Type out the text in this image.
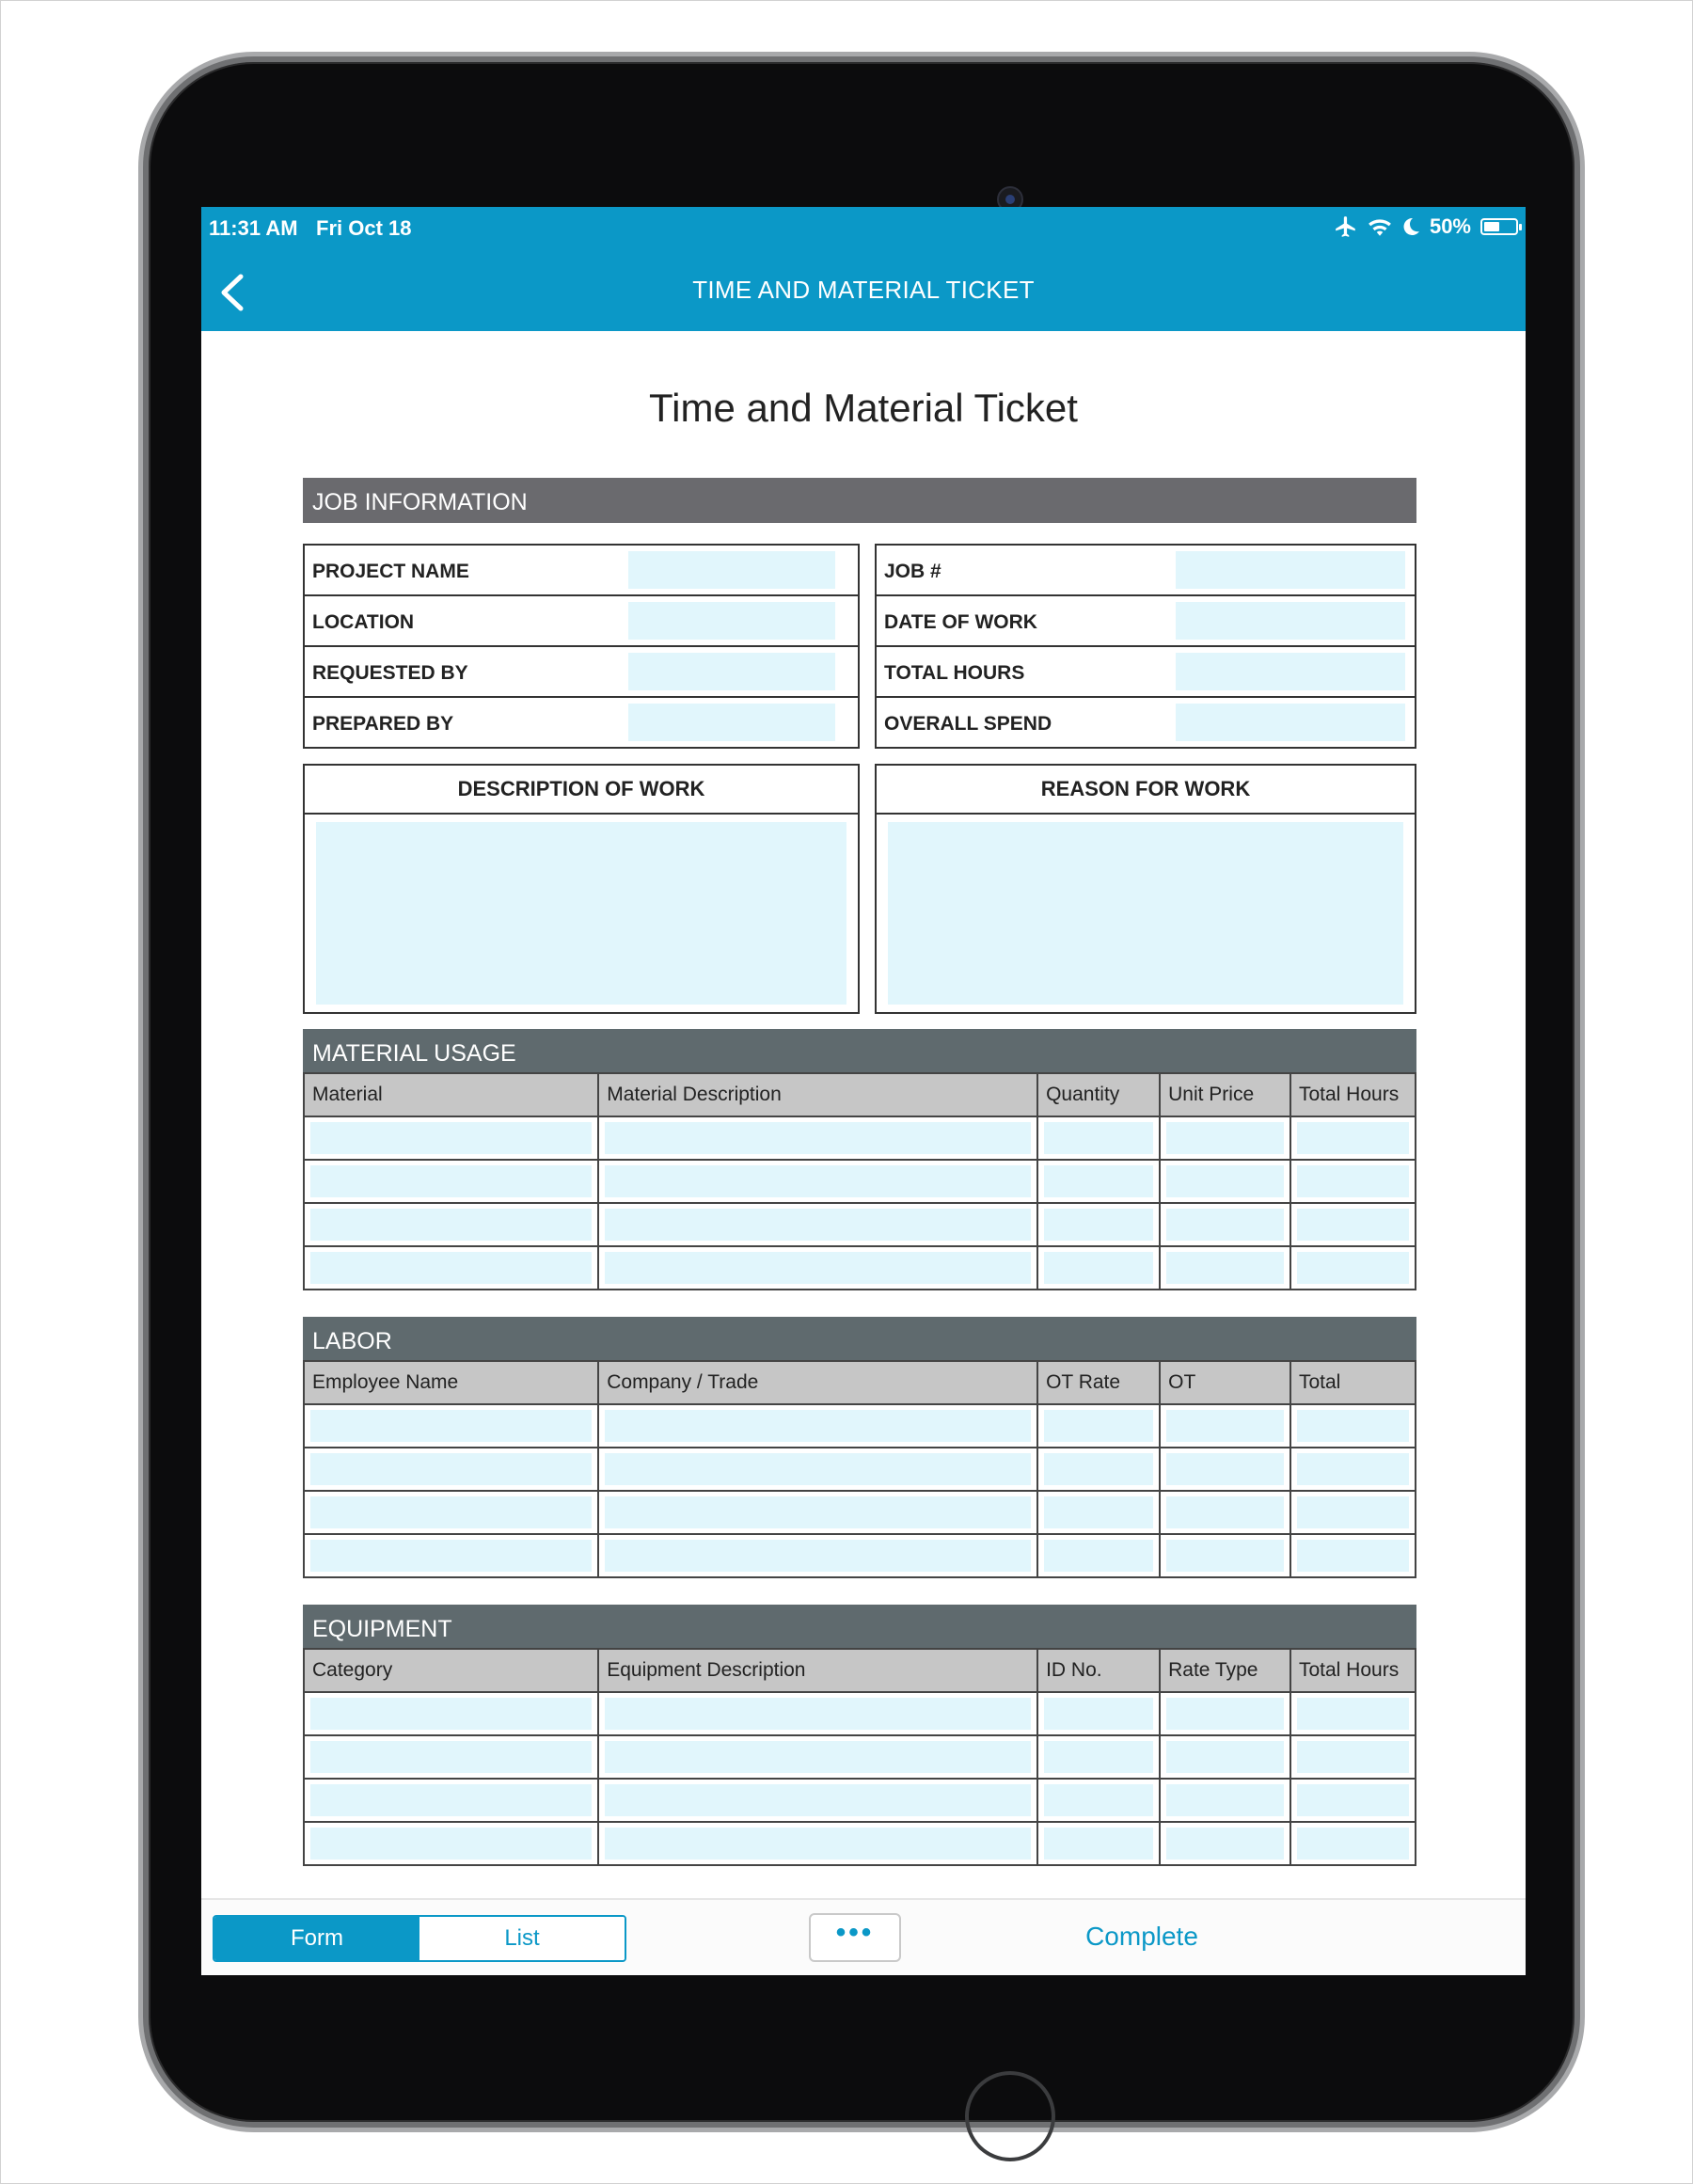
11:31 AM Fri Oct 18	50%
TIME AND MATERIAL TICKET
Time and Material Ticket
JOB INFORMATION
PROJECT NAME
LOCATION
REQUESTED BY
PREPARED BY
JOB #
DATE OF WORK
TOTAL HOURS
OVERALL SPEND
DESCRIPTION OF WORK	REASON FOR WORK
MATERIAL USAGE
Material	Material Description	Quantity	Unit Price	Total Hours

LABOR
Employee Name	Company / Trade	OT Rate	OT	Total

EQUIPMENT
Category	Equipment Description	ID No.	Rate Type	Total Hours

Form	List	•••	Complete
